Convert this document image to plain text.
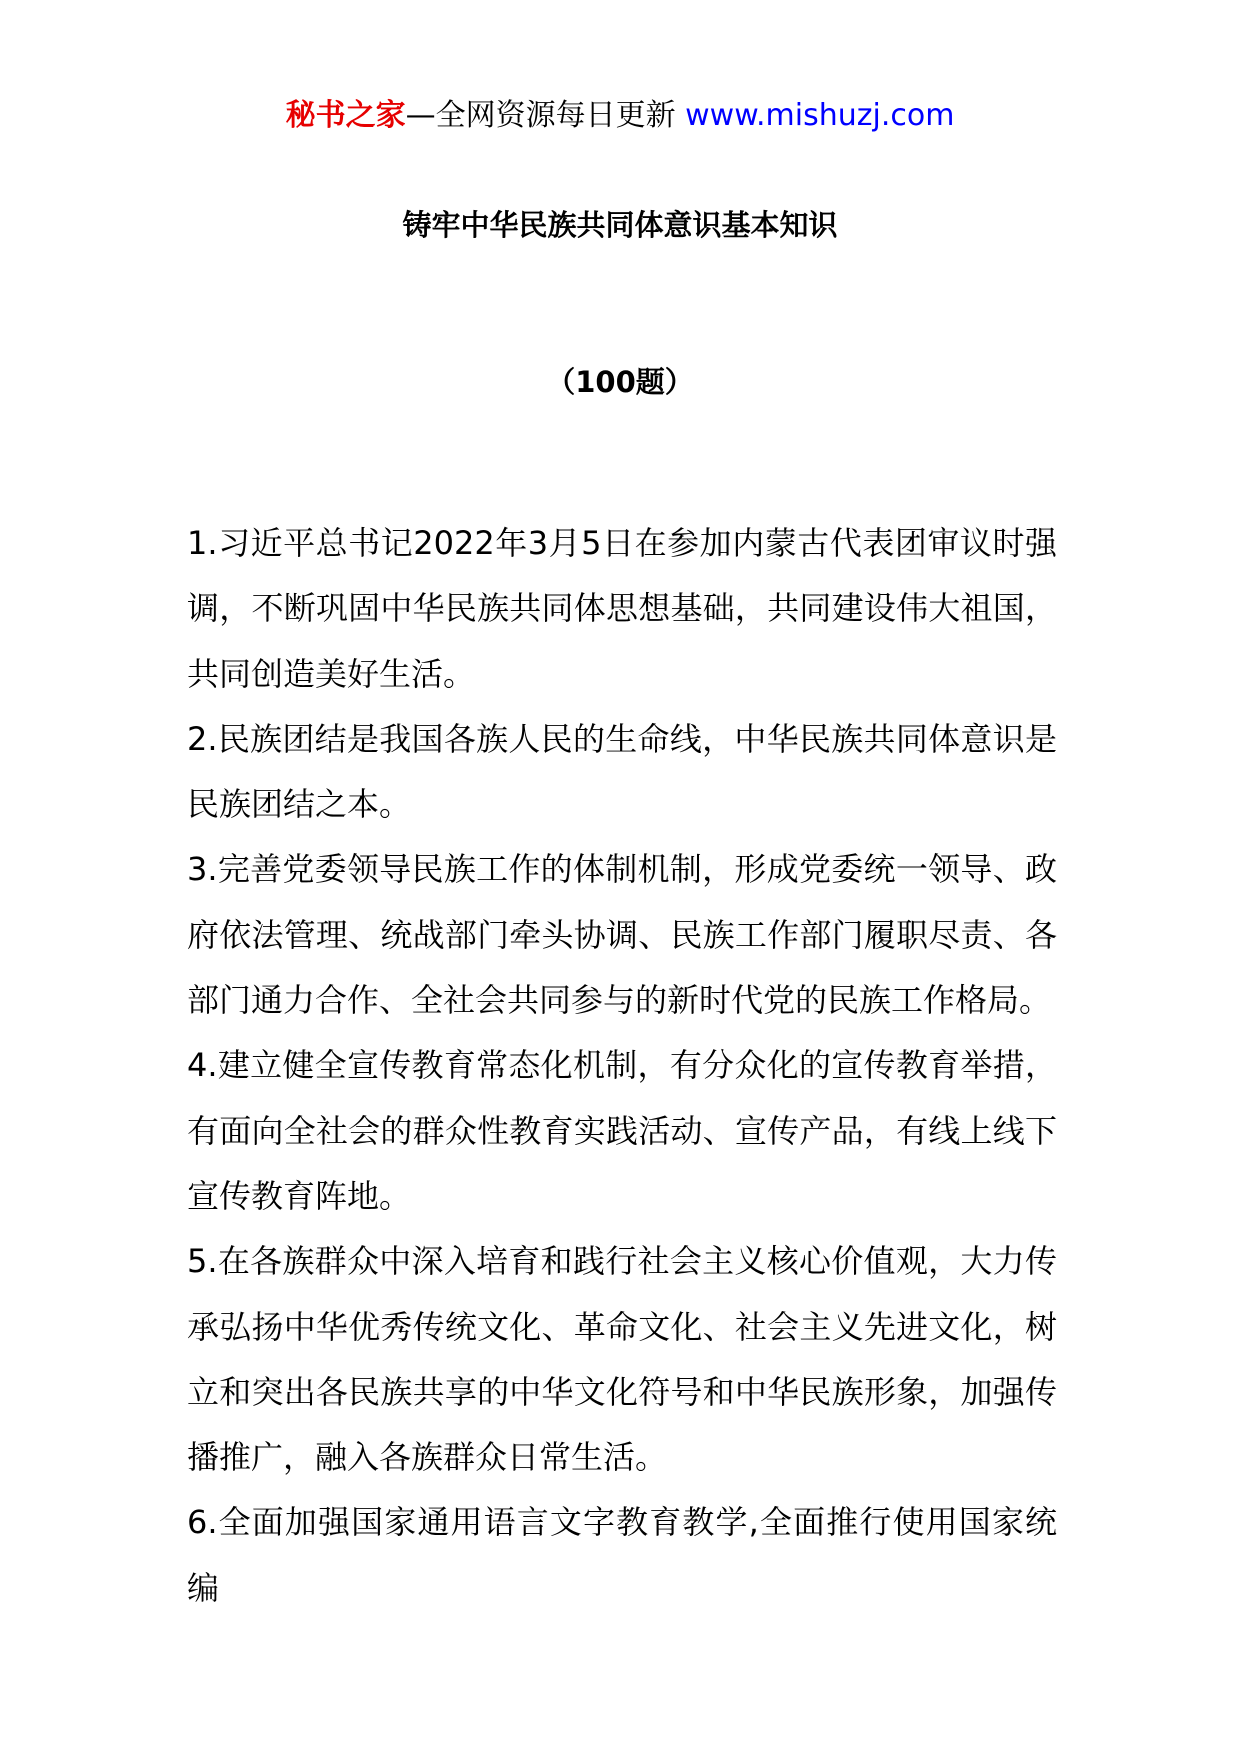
秘书之家—全网资源每日更新 www.mishuzj.com
铸牢中华民族共同体意识基本知识
（100题）

1.习近平总书记2022年3月5日在参加内蒙古代表团审议时强调，不断巩固中华民族共同体思想基础，共同建设伟大祖国，共同创造美好生活。

2.民族团结是我国各族人民的生命线，中华民族共同体意识是民族团结之本。

3.完善党委领导民族工作的体制机制，形成党委统一领导、政府依法管理、统战部门牵头协调、民族工作部门履职尽责、各部门通力合作、全社会共同参与的新时代党的民族工作格局。

4.建立健全宣传教育常态化机制，有分众化的宣传教育举措，有面向全社会的群众性教育实践活动、宣传产品，有线上线下宣传教育阵地。

5.在各族群众中深入培育和践行社会主义核心价值观，大力传承弘扬中华优秀传统文化、革命文化、社会主义先进文化，树立和突出各民族共享的中华文化符号和中华民族形象，加强传播推广，融入各族群众日常生活。

6.全面加强国家通用语言文字教育教学,全面推行使用国家统编
